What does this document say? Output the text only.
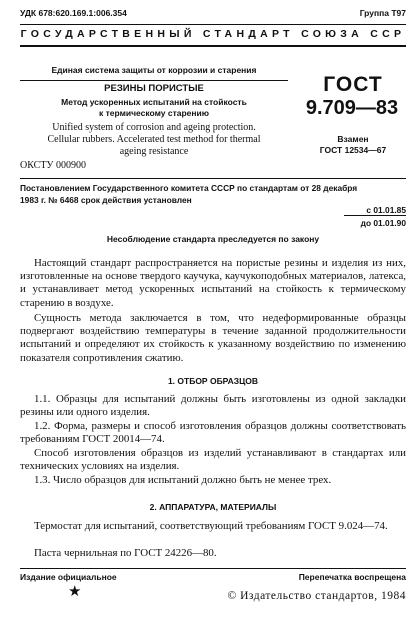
УДК 678:620.169.1:006.354	Группа Т97
ГОСУДАРСТВЕННЫЙ СТАНДАРТ СОЮЗА ССР
Единая система защиты от коррозии и старения
РЕЗИНЫ ПОРИСТЫЕ
Метод ускоренных испытаний на стойкость
к термическому старению
Unified system of corrosion and ageing protection.
Cellular rubbers. Accelerated test method for thermal
ageing resistance
ОКСТУ 000900
ГОСТ
9.709—83
Взамен
ГОСТ 12534—67
Постановлением Государственного комитета СССР по стандартам от 28 декабря
1983 г. № 6468 срок действия установлен
с 01.01.85
до 01.01.90
Несоблюдение стандарта преследуется по закону
Настоящий стандарт распространяется на пористые резины и изделия из них, изготовленные на основе твердого каучука, каучукоподобных материалов, латекса, и устанавливает метод ускоренных испытаний на стойкость к термическому старению в воздухе.
Сущность метода заключается в том, что недеформированные образцы подвергают воздействию температуры в течение заданной продолжительности испытаний и определяют их стойкость к указанному воздействию по изменению показателя сопротивления сжатию.
1. ОТБОР ОБРАЗЦОВ
1.1. Образцы для испытаний должны быть изготовлены из одной закладки резины или одного изделия.
1.2. Форма, размеры и способ изготовления образцов должны соответствовать требованиям ГОСТ 20014—74.
Способ изготовления образцов из изделий устанавливают в стандартах или технических условиях на изделия.
1.3. Число образцов для испытаний должно быть не менее трех.
2. АППАРАТУРА, МАТЕРИАЛЫ
Термостат для испытаний, соответствующий требованиям ГОСТ 9.024—74.
Паста чернильная по ГОСТ 24226—80.
Издание официальное	Перепечатка воспрещена
★	© Издательство стандартов, 1984
